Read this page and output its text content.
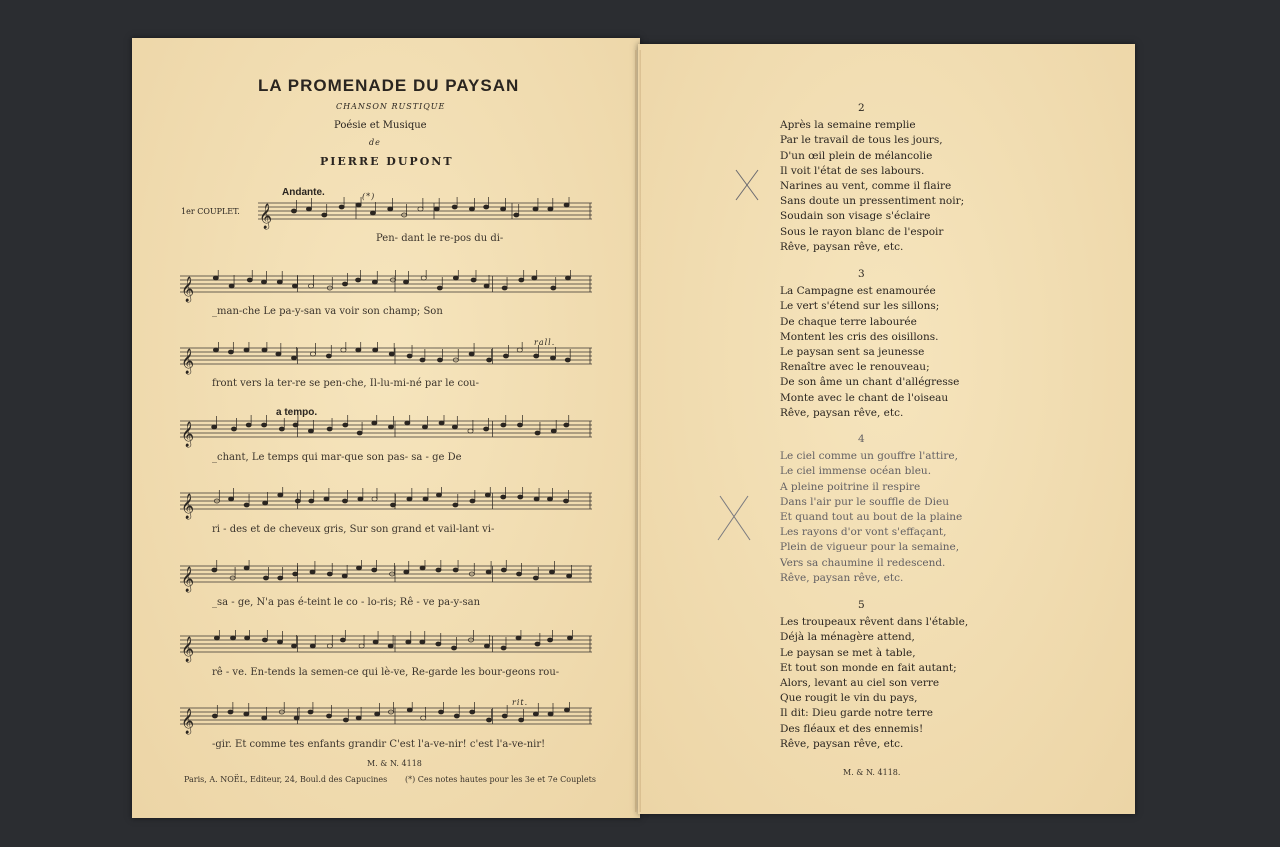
LA PROMENADE DU PAYSAN
CHANSON RUSTIQUE
Poésie et Musique
de
PIERRE DUPONT
Andante.	(*)
1er COUPLET.
rall.
a tempo.
rit.
𝄞
𝄞
𝄞
𝄞
𝄞
𝄞
𝄞
𝄞
Pen- dant le re-pos du di-
_man-che Le pa-y-san va voir son champ; Son
front vers la ter-re se pen-che, Il-lu-mi-né par le cou-
_chant, Le temps qui mar-que son pas- sa - ge De
ri - des et de cheveux gris, Sur son grand et vail-lant vi-
_sa - ge, N'a pas é-teint le co - lo-ris; Rê - ve pa-y-san
rê - ve. En-tends la semen-ce qui lè-ve, Re-garde les bour-geons rou-
-gir. Et comme tes enfants grandir C'est l'a-ve-nir! c'est l'a-ve-nir!
M. & N. 4118
Paris, A. NOËL, Editeur, 24, Boul.d des Capucines (*) Ces notes hautes pour les 3e et 7e Couplets
2
Après la semaine remplie
Par le travail de tous les jours,
D'un œil plein de mélancolie
Il voit l'état de ses labours.
Narines au vent, comme il flaire
Sans doute un pressentiment noir;
Soudain son visage s'éclaire
Sous le rayon blanc de l'espoir
Rêve, paysan rêve, etc.
3
La Campagne est enamourée
Le vert s'étend sur les sillons;
De chaque terre labourée
Montent les cris des oisillons.
Le paysan sent sa jeunesse
Renaître avec le renouveau;
De son âme un chant d'allégresse
Monte avec le chant de l'oiseau
Rêve, paysan rêve, etc.
4
Le ciel comme un gouffre l'attire,
Le ciel immense océan bleu.
A pleine poitrine il respire
Dans l'air pur le souffle de Dieu
Et quand tout au bout de la plaine
Les rayons d'or vont s'effaçant,
Plein de vigueur pour la semaine,
Vers sa chaumine il redescend.
Rêve, paysan rêve, etc.
5
Les troupeaux rêvent dans l'étable,
Déjà la ménagère attend,
Le paysan se met à table,
Et tout son monde en fait autant;
Alors, levant au ciel son verre
Que rougit le vin du pays,
Il dit: Dieu garde notre terre
Des fléaux et des ennemis!
Rêve, paysan rêve, etc.
M. & N. 4118.
